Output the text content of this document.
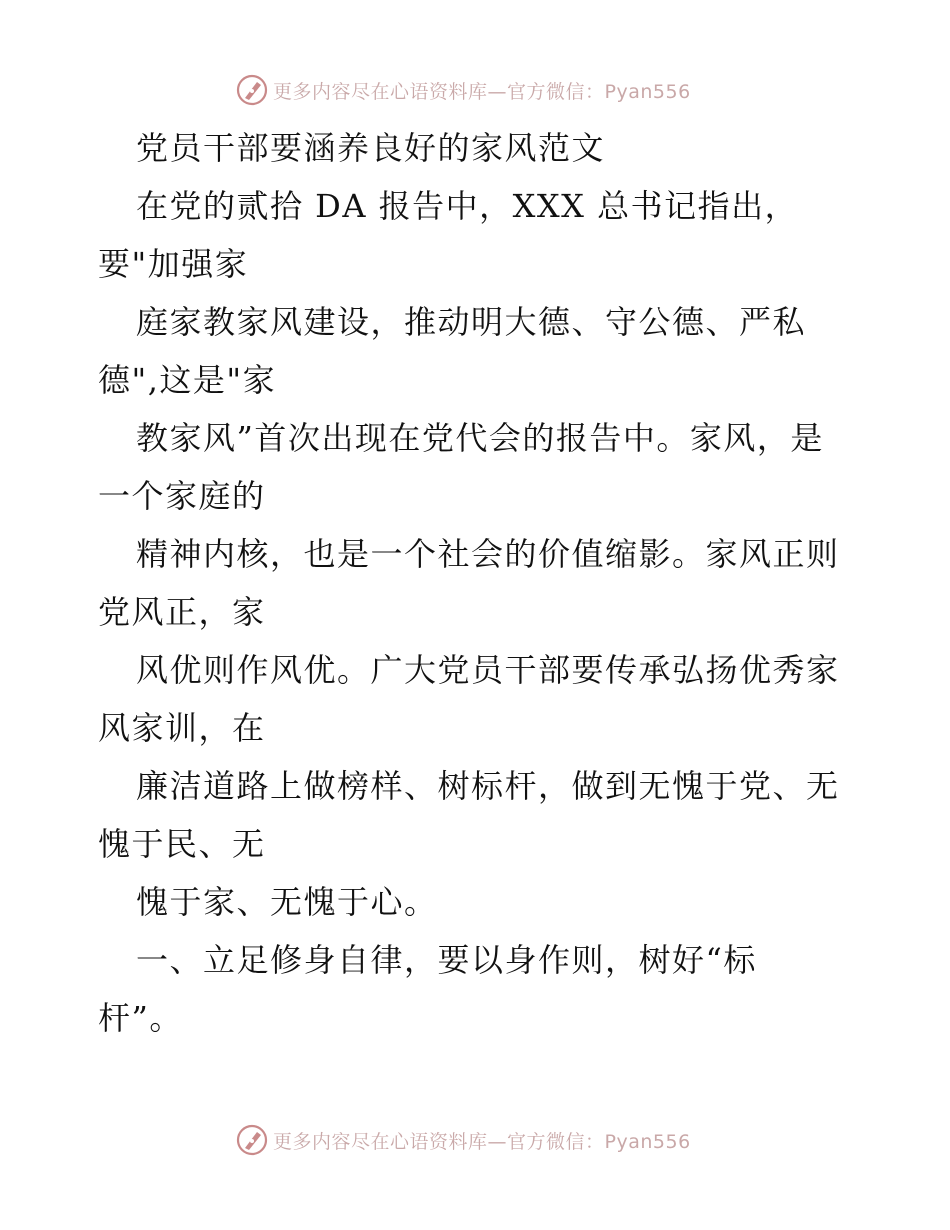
更多内容尽在心语资料库—官方微信：Pyan556
党员干部要涵养良好的家风范文
在党的贰拾 DA 报告中，XXX 总书记指出，
要"加强家
庭家教家风建设，推动明大德、守公德、严私
德",这是"家
教家风”首次出现在党代会的报告中。家风，是
一个家庭的
精神内核，也是一个社会的价值缩影。家风正则
党风正，家
风优则作风优。广大党员干部要传承弘扬优秀家
风家训，在
廉洁道路上做榜样、树标杆，做到无愧于党、无
愧于民、无
愧于家、无愧于心。
一、立足修身自律，要以身作则，树好“标
杆”。
更多内容尽在心语资料库—官方微信：Pyan556
